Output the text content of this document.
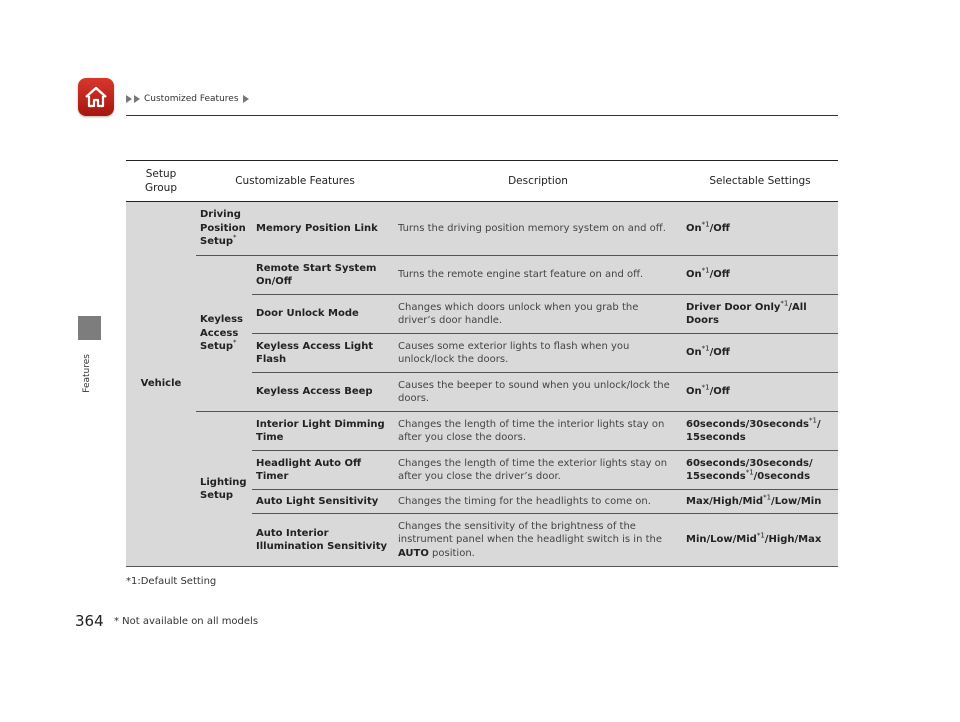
Customized Features
Features
Setup Group	Customizable Features		Description	Selectable Settings
Vehicle	Driving Position Setup*	Memory Position Link	Turns the driving position memory system on and off.	On$^{*1}$/Off
	Keyless Access Setup*	Remote Start System On/Off	Turns the remote engine start feature on and off.	On$^{*1}$/Off
		Door Unlock Mode	Changes which doors unlock when you grab the driver’s door handle.	Driver Door Only$^{*1}$/All Doors
		Keyless Access Light Flash	Causes some exterior lights to flash when you unlock/lock the doors.	On$^{*1}$/Off
		Keyless Access Beep	Causes the beeper to sound when you unlock/lock the doors.	On$^{*1}$/Off
	Lighting Setup	Interior Light Dimming Time	Changes the length of time the interior lights stay on after you close the doors.	60seconds/30seconds$^{*1}$/ 15seconds
		Headlight Auto Off Timer	Changes the length of time the exterior lights stay on after you close the driver’s door.	60seconds/30seconds/ 15seconds$^{*1}$/0seconds
		Auto Light Sensitivity	Changes the timing for the headlights to come on.	Max/High/Mid$^{*1}$/Low/Min
		Auto Interior Illumination Sensitivity	Changes the sensitivity of the brightness of the instrument panel when the headlight switch is in the AUTO position.	Min/Low/Mid$^{*1}$/High/Max
*1:Default Setting
364 * Not available on all models
